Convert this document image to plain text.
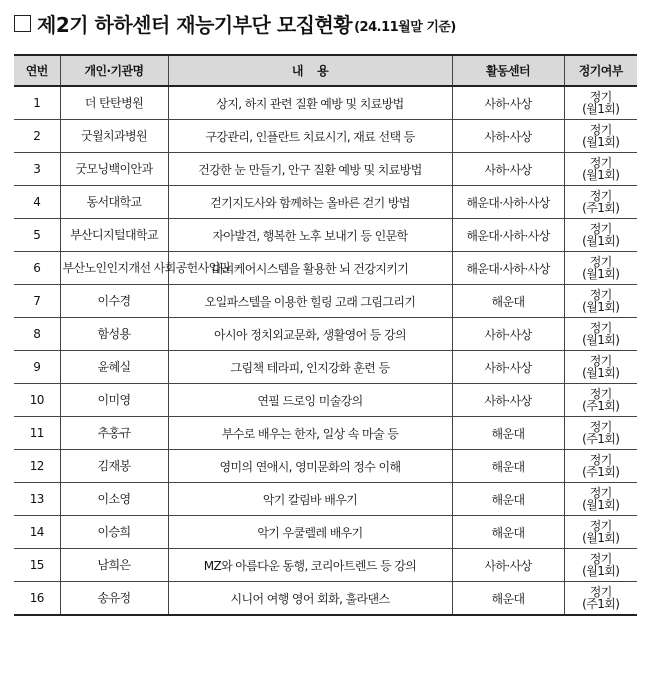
제2기 하하센터 재능기부단 모집현황 (24.11월말 기준)
연번	개인·기관명	내    용	활동센터	정기여부
1	더 탄탄병원	상지, 하지 관련 질환 예방 및 치료방법	사하·사상	정기
(월1회)

2	굿윌치과병원	구강관리, 인플란트 치료시기, 재료 선택 등	사하·사상	정기
(월1회)

3	굿모닝백이안과	건강한 눈 만들기, 안구 질환 예방 및 치료방법	사하·사상	정기
(월1회)

4	동서대학교	걷기지도사와 함께하는 올바른 걷기 방법	해운대·사하·사상	정기
(주1회)

5	부산디지털대학교	자아발견, 행복한 노후 보내기 등 인문학	해운대·사하·사상	정기
(월1회)

6	부산노인인지개선 사회공헌사업단	내뇌케어시스템을 활용한 뇌 건강지키기	해운대·사하·사상	정기
(월1회)

7	이수경	오일파스텔을 이용한 힐링 고래 그림그리기	해운대	정기
(월1회)

8	함성용	아시아 정치외교문화, 생활영어 등 강의	사하·사상	정기
(월1회)

9	윤혜실	그림책 테라피, 인지강화 훈련 등	사하·사상	정기
(월1회)

10	이미영	연필 드로잉 미술강의	사하·사상	정기
(주1회)

11	추홍규	부수로 배우는 한자, 일상 속 마술 등	해운대	정기
(주1회)

12	김재봉	영미의 연애시, 영미문화의 정수 이해	해운대	정기
(주1회)

13	이소영	악기 칼림바 배우기	해운대	정기
(월1회)

14	이승희	악기 우쿨렐레 배우기	해운대	정기
(월1회)

15	남희은	MZ와 아름다운 동행, 코리아트렌드 등 강의	사하·사상	정기
(월1회)

16	송유정	시니어 여행 영어 회화, 훌라댄스	해운대	정기
(주1회)
